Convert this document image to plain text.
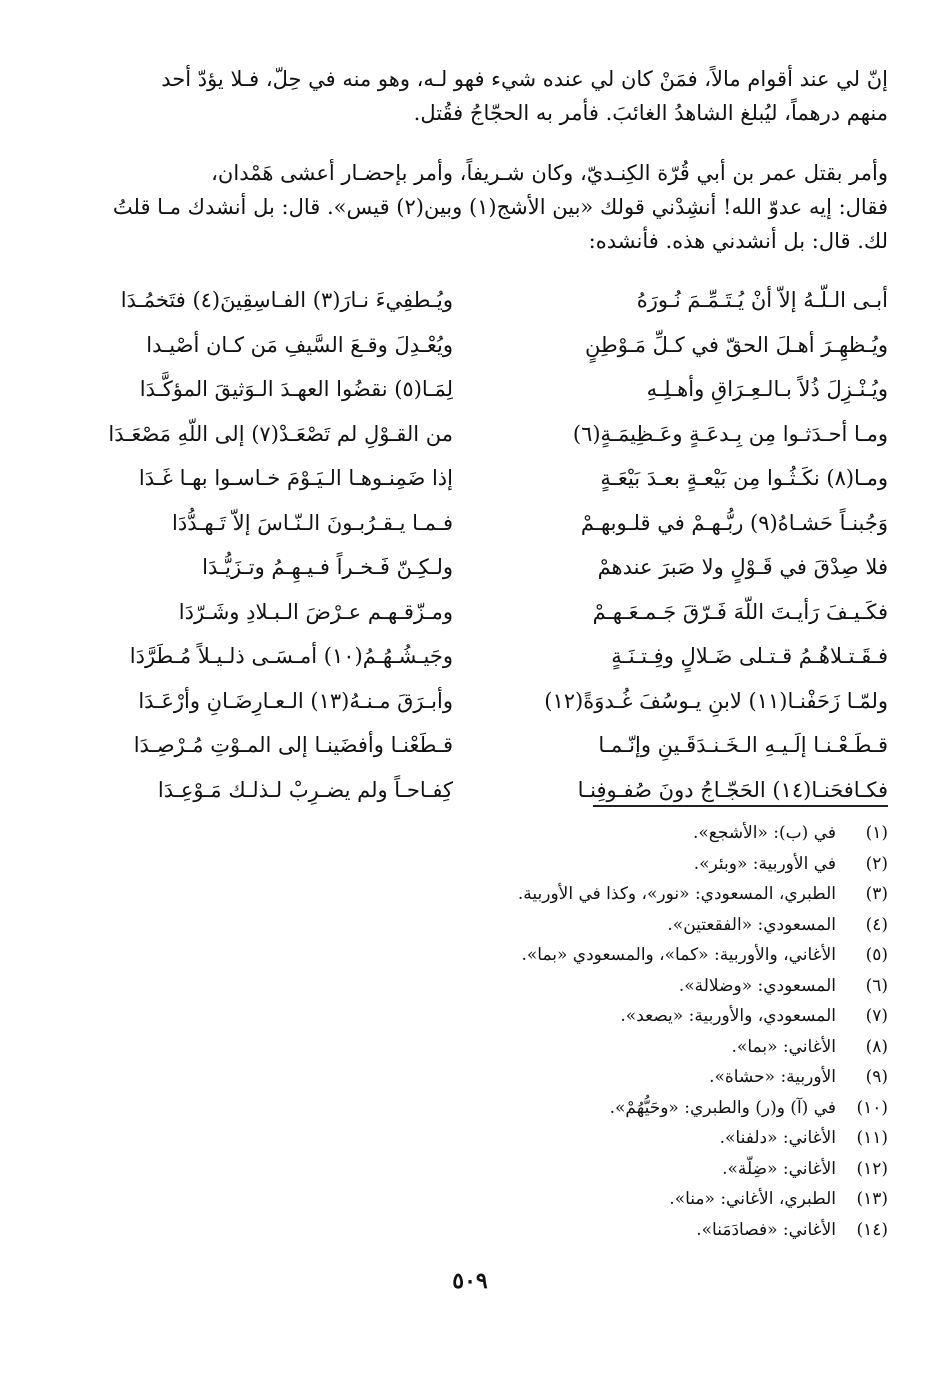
إنّ لي عند أقوام مالاً، فمَنْ كان لي عنده شيء فهو لـه، وهو منه في حِلّ، فـلا يؤدّ أحد
منهم درهماً، ليُبلغ الشاهدُ الغائبَ. فأمر به الحجّاجُ فقُتل.
وأمر بقتل عمر بن أبي قُرّة الكِنـديّ، وكان شـريفاً، وأمر بإحضـار أعشى هَمْدان،
فقال: إيه عدوّ الله! أنشِدْني قولك «بين الأشج(١) وبين(٢) قيس». قال: بل أنشدك مـا قلتُ
لك. قال: بل أنشدني هذه. فأنشده:
أبـى الـلّـهُ إلاّ أنْ يُـتَـمِّـمَ نُـورَهُ
ويُـطفِيءَ نـارَ(٣) الفـاسِقِينَ(٤) فتَخمُـدَا
ويُـظهِـرَ أهـلَ الحقّ في كـلِّ مَـوْطِنٍ
ويُعْـدِلَ وقـعَ السَّيفِ مَن كـان أصْيـدا
ويُـنْـزِلَ ذُلاً بـالـعِـرَاقِ وأهـلِـهِ
لِمَـا(٥) نقضُوا العهـدَ الـوَثيقَ المؤكَّـدَا
ومـا أحـدَثـوا مِن بِـدعَـةٍ وعَـظِيمَـةٍ(٦)
من القـوْلِ لم تَصْعَـدْ(٧) إلى اللّهِ مَصْعَـدَا
ومـا(٨) نكَـثُـوا مِن بَيْعـةٍ بعـدَ بَيْعَـةٍ
إذا ضَمِنـوهـا الـيَـوْمَ خـاسـوا بهـا غَـدَا
وَجُبنـاً حَشـاهُ(٩) ربُّـهـمْ في قلـوبهـمْ
فـمـا يـقـرُبـونَ الـنّـاسَ إلاّ تَـهـدُّدَا
فلا صِدْقَ في قَـوْلٍ ولا صَبرَ عندهمْ
ولـكِـنّ فَـخـراً فـيـهِـمُ وتـزَيُّـدَا
فكَـيـفَ رَأيـتَ اللّهَ فَـرّقَ جَـمـعَـهـمْ
ومـزّقـهـم عـرْضَ الـبـلادِ وشَـرّدَا
فـقَـتـلاهُـمُ قـتـلى ضَـلالٍ وفِـتـنَـةٍ
وجَيـشُـهُـمُ(١٠) أمـسَـى ذلـيـلاً مُـطَرَّدَا
ولمّـا زَحَفْنـا(١١) لابنِ يـوسُفَ غُـدوَةً(١٢)
وأبـرَقَ مـنـهُ(١٣) الـعـارِضَـانِ وأرْعَـدَا
قـطَـعْـنـا إلَـيـهِ الـخَـنـدَقَـينِ وإنّـمـا
قـطَعْنـا وأفضَينـا إلى المـوْتِ مُـرْصِـدَا
فكـافحَنـا(١٤) الحَجّـاجُ دونَ صُفـوفِنـا
كِفـاحـاً ولم يضـرِبْ لـذلـك مَـوْعِـدَا
(١)
في (ب): «الأشجع».
(٢)
في الأوربية: «وبئر».
(٣)
الطبري، المسعودي: «نور»، وكذا في الأوربية.
(٤)
المسعودي: «الفقعتين».
(٥)
الأغاني، والأوربية: «كما»، والمسعودي «بما».
(٦)
المسعودي: «وضلالة».
(٧)
المسعودي، والأوربية: «يصعد».
(٨)
الأغاني: «بما».
(٩)
الأوربية: «حشاة».
(١٠)
في (آ) و(ر) والطبري: «وحَيُّهُمْ».
(١١)
الأغاني: «دلفنا».
(١٢)
الأغاني: «ضِلّة».
(١٣)
الطبري، الأغاني: «منا».
(١٤)
الأغاني: «فصادَمَنا».
٥٠٩
